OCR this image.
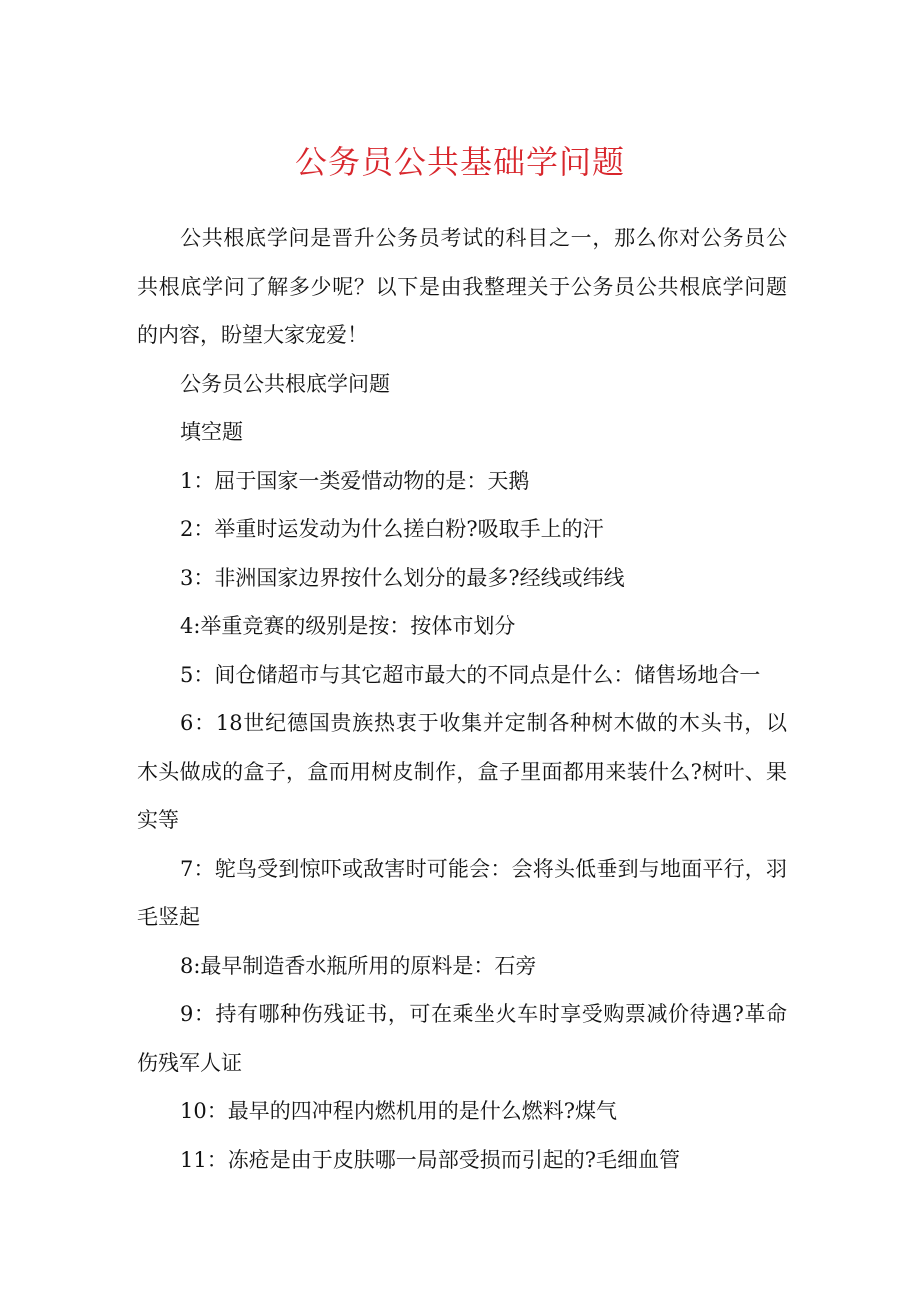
公务员公共基础学问题

公共根底学问是晋升公务员考试的科目之一，那么你对公务员公共根底学问了解多少呢？以下是由我整理关于公务员公共根底学问题的内容，盼望大家宠爱！

公务员公共根底学问题

填空题

1：屈于国家一类爱惜动物的是：天鹅

2：举重时运发动为什么搓白粉?吸取手上的汗

3：非洲国家边界按什么划分的最多?经线或纬线

4:举重竞赛的级别是按：按体市划分

5：间仓储超市与其它超市最大的不同点是什么：储售场地合一

6：18世纪德国贵族热衷于收集并定制各种树木做的木头书，以木头做成的盒子，盒而用树皮制作，盒子里面都用来装什么?树叶、果实等

7：鸵鸟受到惊吓或敌害时可能会：会将头低垂到与地面平行，羽毛竖起

8:最早制造香水瓶所用的原料是：石旁

9：持有哪种伤残证书，可在乘坐火车时享受购票减价待遇?革命伤残军人证

10：最早的四冲程内燃机用的是什么燃料?煤气

11：冻疮是由于皮肤哪一局部受损而引起的?毛细血管
